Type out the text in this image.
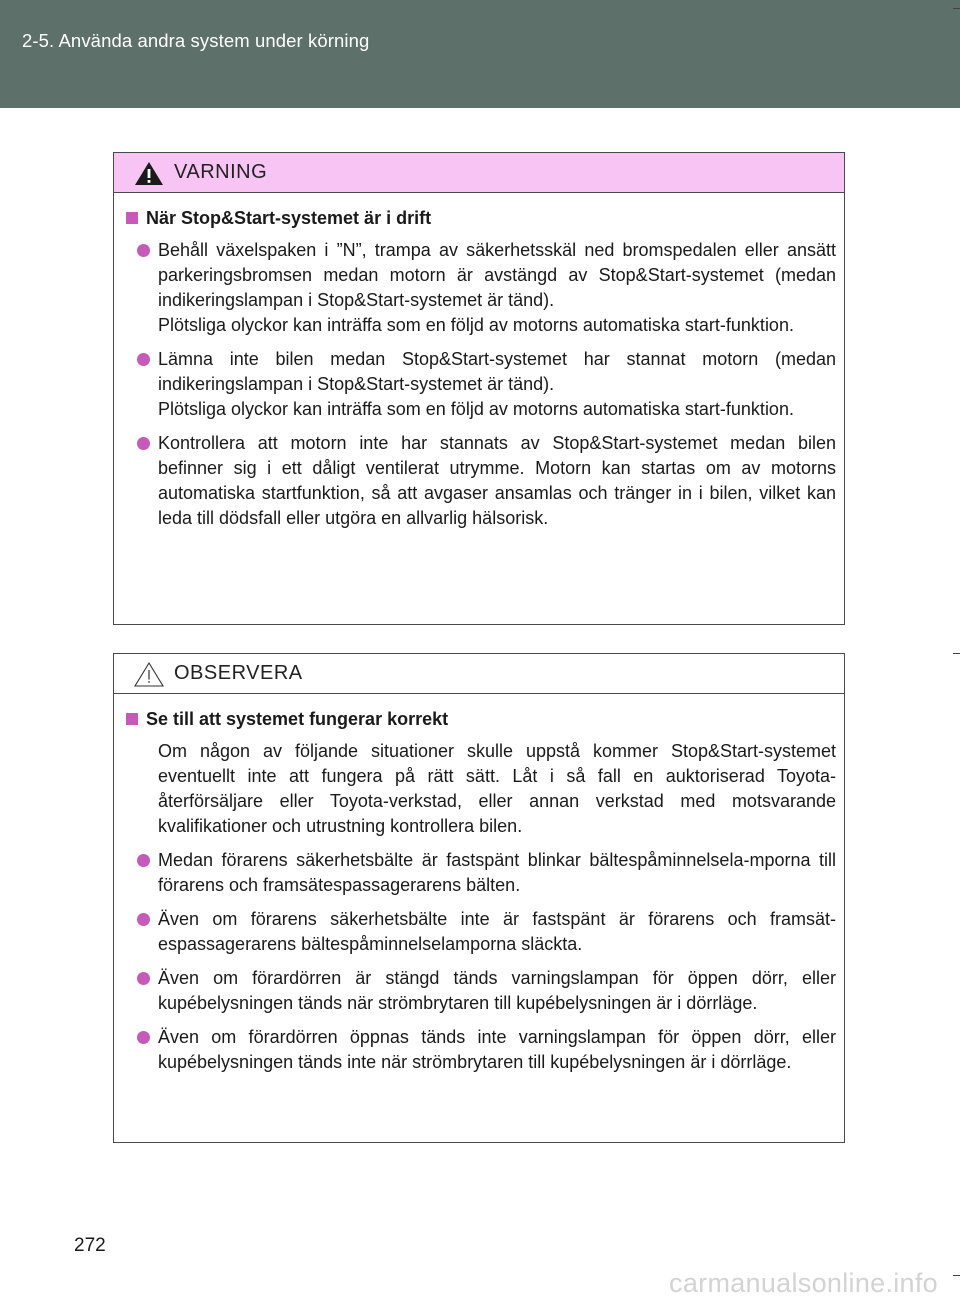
2-5. Använda andra system under körning
VARNING
När Stop&Start-systemet är i drift

Behåll växelspaken i ”N”, trampa av säkerhetsskäl ned bromspedalen eller ansätt parkeringsbromsen medan motorn är avstängd av Stop&Start-systemet (medan indikeringslampan i Stop&Start-systemet är tänd).

Plötsliga olyckor kan inträffa som en följd av motorns automatiska start-funktion.

Lämna inte bilen medan Stop&Start-systemet har stannat motorn (medan indikeringslampan i Stop&Start-systemet är tänd).

Plötsliga olyckor kan inträffa som en följd av motorns automatiska start-funktion.

Kontrollera att motorn inte har stannats av Stop&Start-systemet medan bilen befinner sig i ett dåligt ventilerat utrymme. Motorn kan startas om av motorns automatiska startfunktion, så att avgaser ansamlas och tränger in i bilen, vilket kan leda till dödsfall eller utgöra en allvarlig hälsorisk.

OBSERVERA
Se till att systemet fungerar korrekt

Om någon av följande situationer skulle uppstå kommer Stop&Start-systemet eventuellt inte att fungera på rätt sätt. Låt i så fall en auktoriserad Toyota-återförsäljare eller Toyota-verkstad, eller annan verkstad med motsvarande kvalifikationer och utrustning kontrollera bilen.

Medan förarens säkerhetsbälte är fastspänt blinkar bältespåminnelsela-mporna till förarens och framsätespassagerarens bälten.
Även om förarens säkerhetsbälte inte är fastspänt är förarens och framsät-espassagerarens bältespåminnelselamporna släckta.
Även om förardörren är stängd tänds varningslampan för öppen dörr, eller kupébelysningen tänds när strömbrytaren till kupébelysningen är i dörrläge.
Även om förardörren öppnas tänds inte varningslampan för öppen dörr, eller kupébelysningen tänds inte när strömbrytaren till kupébelysningen är i dörrläge.
272
carmanualsonline.info
